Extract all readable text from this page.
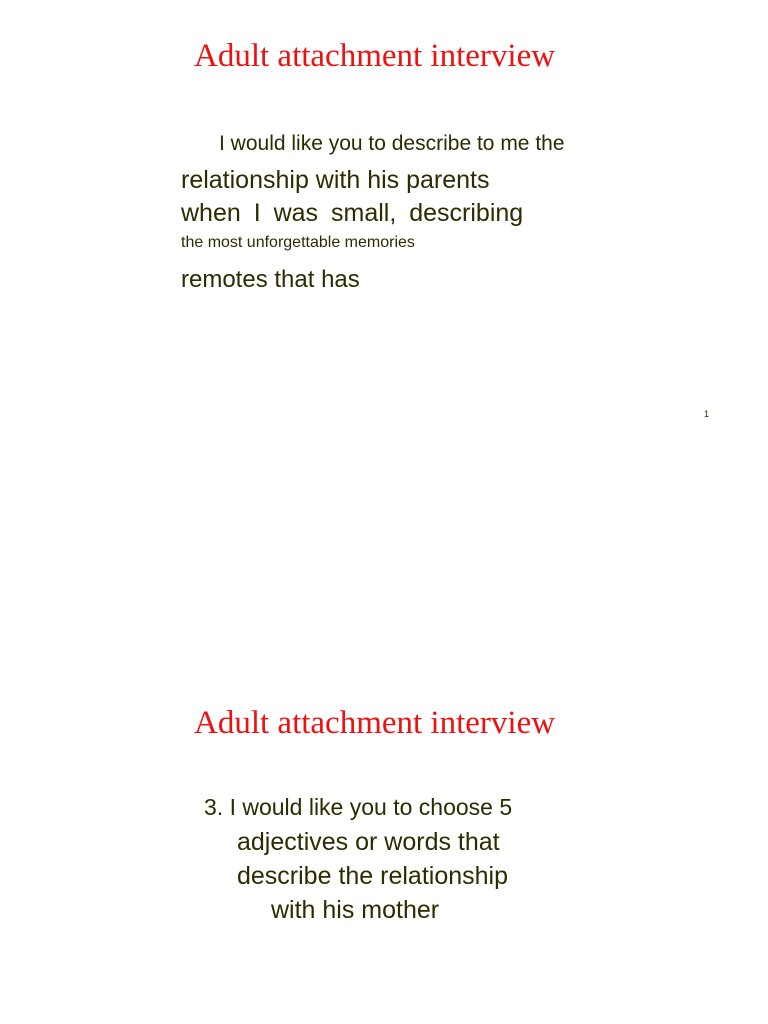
Adult attachment interview
I would like you to describe to me the
relationship with his parents
when I was small, describing
the most unforgettable memories
remotes that has
1
Adult attachment interview
3. I would like you to choose 5
adjectives or words that
describe the relationship
with his mother
